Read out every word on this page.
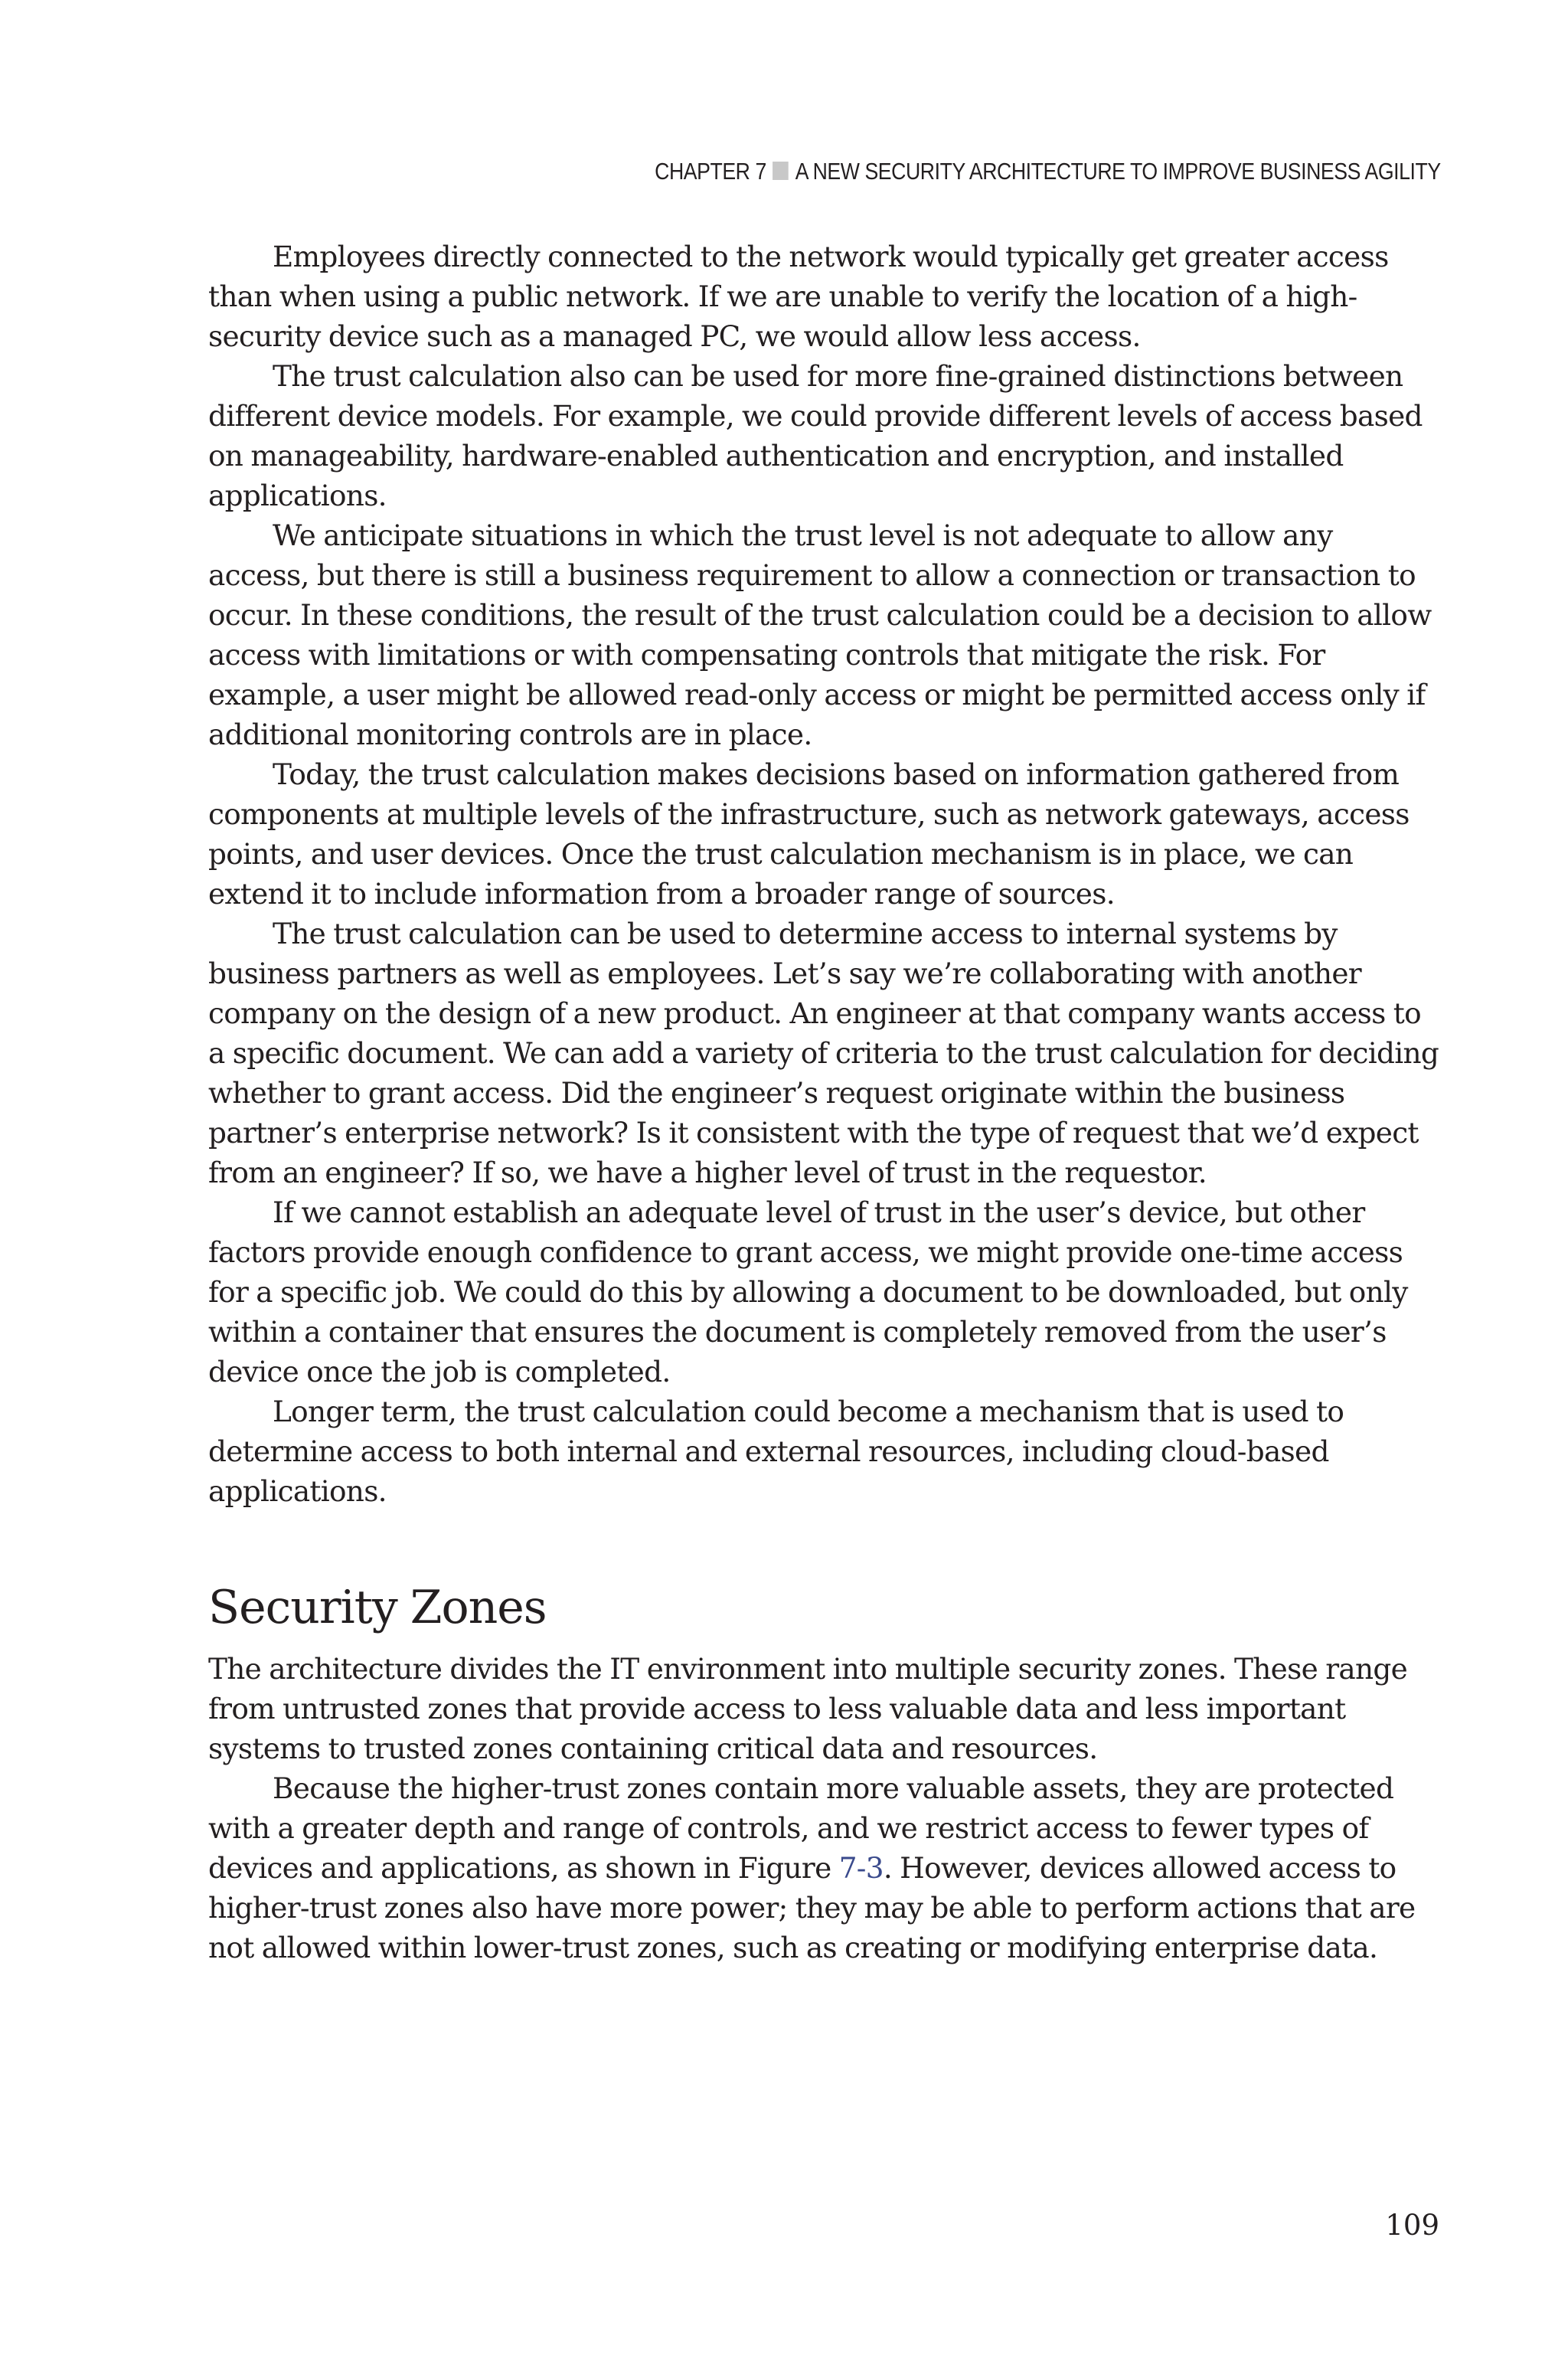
CHAPTER 7 A NEW SECURITY ARCHITECTURE TO IMPROVE BUSINESS AGILITY

Employees directly connected to the network would typically get greater access than when using a public network. If we are unable to verify the location of a high-security device such as a managed PC, we would allow less access.

The trust calculation also can be used for more fine-grained distinctions between different device models. For example, we could provide different levels of access based on manageability, hardware-enabled authentication and encryption, and installed applications.

We anticipate situations in which the trust level is not adequate to allow any access, but there is still a business requirement to allow a connection or transaction to occur. In these conditions, the result of the trust calculation could be a decision to allow access with limitations or with compensating controls that mitigate the risk. For example, a user might be allowed read-only access or might be permitted access only if additional monitoring controls are in place.

Today, the trust calculation makes decisions based on information gathered from components at multiple levels of the infrastructure, such as network gateways, access points, and user devices. Once the trust calculation mechanism is in place, we can extend it to include information from a broader range of sources.

The trust calculation can be used to determine access to internal systems by business partners as well as employees. Let’s say we’re collaborating with another company on the design of a new product. An engineer at that company wants access to a specific document. We can add a variety of criteria to the trust calculation for deciding whether to grant access. Did the engineer’s request originate within the business partner’s enterprise network? Is it consistent with the type of request that we’d expect from an engineer? If so, we have a higher level of trust in the requestor.

If we cannot establish an adequate level of trust in the user’s device, but other factors provide enough confidence to grant access, we might provide one-time access for a specific job. We could do this by allowing a document to be downloaded, but only within a container that ensures the document is completely removed from the user’s device once the job is completed.

Longer term, the trust calculation could become a mechanism that is used to determine access to both internal and external resources, including cloud-based applications.

Security Zones

The architecture divides the IT environment into multiple security zones. These range from untrusted zones that provide access to less valuable data and less important systems to trusted zones containing critical data and resources.

Because the higher-trust zones contain more valuable assets, they are protected with a greater depth and range of controls, and we restrict access to fewer types of devices and applications, as shown in Figure 7-3. However, devices allowed access to higher-trust zones also have more power; they may be able to perform actions that are not allowed within lower-trust zones, such as creating or modifying enterprise data.

109
